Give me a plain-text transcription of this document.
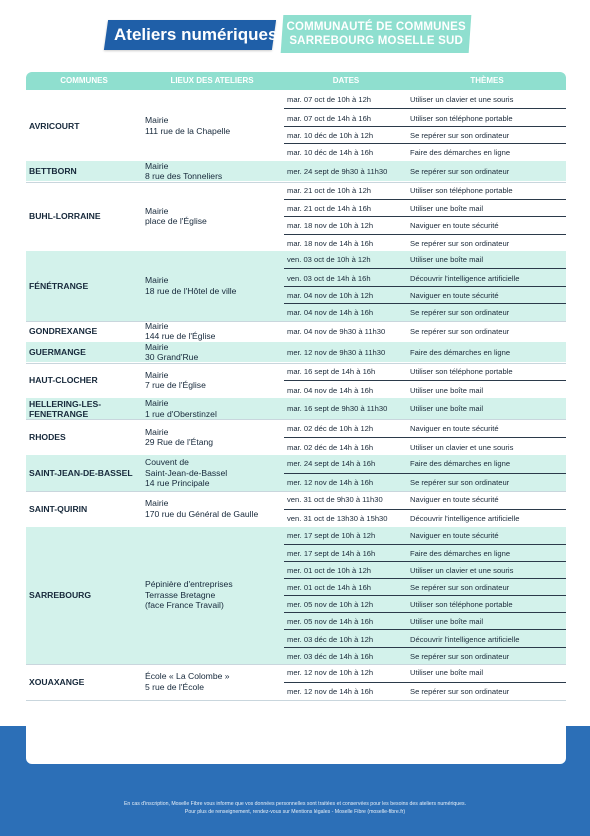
Ateliers numériques COMMUNAUTÉ DE COMMUNES
SARREBOURG MOSELLE SUD
COMMUNES	LIEUX DES ATELIERS	DATES	THÈMES
AVRICOURT
Mairie
111 rue de la Chapelle
mar. 07 oct de 10h à 12h	Utiliser un clavier et une souris
mar. 07 oct de 14h à 16h	Utiliser son téléphone portable
mar. 10 déc de 10h à 12h	Se repérer sur son ordinateur
mar. 10 déc de 14h à 16h	Faire des démarches en ligne
BETTBORN
Mairie
8 rue des Tonneliers
mer. 24 sept de 9h30 à 11h30	Se repérer sur son ordinateur
BUHL-LORRAINE
Mairie
place de l'Église
mar. 21 oct de 10h à 12h	Utiliser son téléphone portable
mar. 21 oct de 14h à 16h	Utiliser une boîte mail
mar. 18 nov de 10h à 12h	Naviguer en toute sécurité
mar. 18 nov de 14h à 16h	Se repérer sur son ordinateur
FÉNÉTRANGE
Mairie
18 rue de l'Hôtel de ville
ven. 03 oct de 10h à 12h	Utiliser une boîte mail
ven. 03 oct de 14h à 16h	Découvrir l'intelligence artificielle
mar. 04 nov de 10h à 12h	Naviguer en toute sécurité
mar. 04 nov de 14h à 16h	Se repérer sur son ordinateur
GONDREXANGE
Mairie
144 rue de l'Église
mar. 04 nov de 9h30 à 11h30	Se repérer sur son ordinateur
GUERMANGE
Mairie
30 Grand'Rue
mer. 12 nov de 9h30 à 11h30	Faire des démarches en ligne
HAUT-CLOCHER
Mairie
7 rue de l'Église
mar. 16 sept de 14h à 16h	Utiliser son téléphone portable
mar. 04 nov de 14h à 16h	Utiliser une boîte mail
HELLERING-LES-FENETRANGE
Mairie
1 rue d'Oberstinzel
mar. 16 sept de 9h30 à 11h30	Utiliser une boîte mail
RHODES
Mairie
29 Rue de l'Étang
mar. 02 déc de 10h à 12h	Naviguer en toute sécurité
mar. 02 déc de 14h à 16h	Utiliser un clavier et une souris
SAINT-JEAN-DE-BASSEL
Couvent de
Saint-Jean-de-Bassel
14 rue Principale
mer. 24 sept de 14h à 16h	Faire des démarches en ligne
mer. 12 nov de 14h à 16h	Se repérer sur son ordinateur
SAINT-QUIRIN
Mairie
170 rue du Général de Gaulle
ven. 31 oct de 9h30 à 11h30	Naviguer en toute sécurité
ven. 31 oct de 13h30 à 15h30	Découvrir l'intelligence artificielle
SARREBOURG
Pépinière d'entreprises
Terrasse Bretagne
(face France Travail)
mer. 17 sept de 10h à 12h	Naviguer en toute sécurité
mer. 17 sept de 14h à 16h	Faire des démarches en ligne
mer. 01 oct de 10h à 12h	Utiliser un clavier et une souris
mer. 01 oct de 14h à 16h	Se repérer sur son ordinateur
mer. 05 nov de 10h à 12h	Utiliser son téléphone portable
mer. 05 nov de 14h à 16h	Utiliser une boîte mail
mer. 03 déc de 10h à 12h	Découvrir l'intelligence artificielle
mer. 03 déc de 14h à 16h	Se repérer sur son ordinateur
XOUAXANGE
École « La Colombe »
5 rue de l'École
mer. 12 nov de 10h à 12h	Utiliser une boîte mail
mer. 12 nov de 14h à 16h	Se repérer sur son ordinateur
En cas d'inscription, Moselle Fibre vous informe que vos données personnelles sont traitées et conservées pour les besoins des ateliers numériques.
Pour plus de renseignement, rendez-vous sur Mentions légales - Moselle Fibre (moselle-fibre.fr)
